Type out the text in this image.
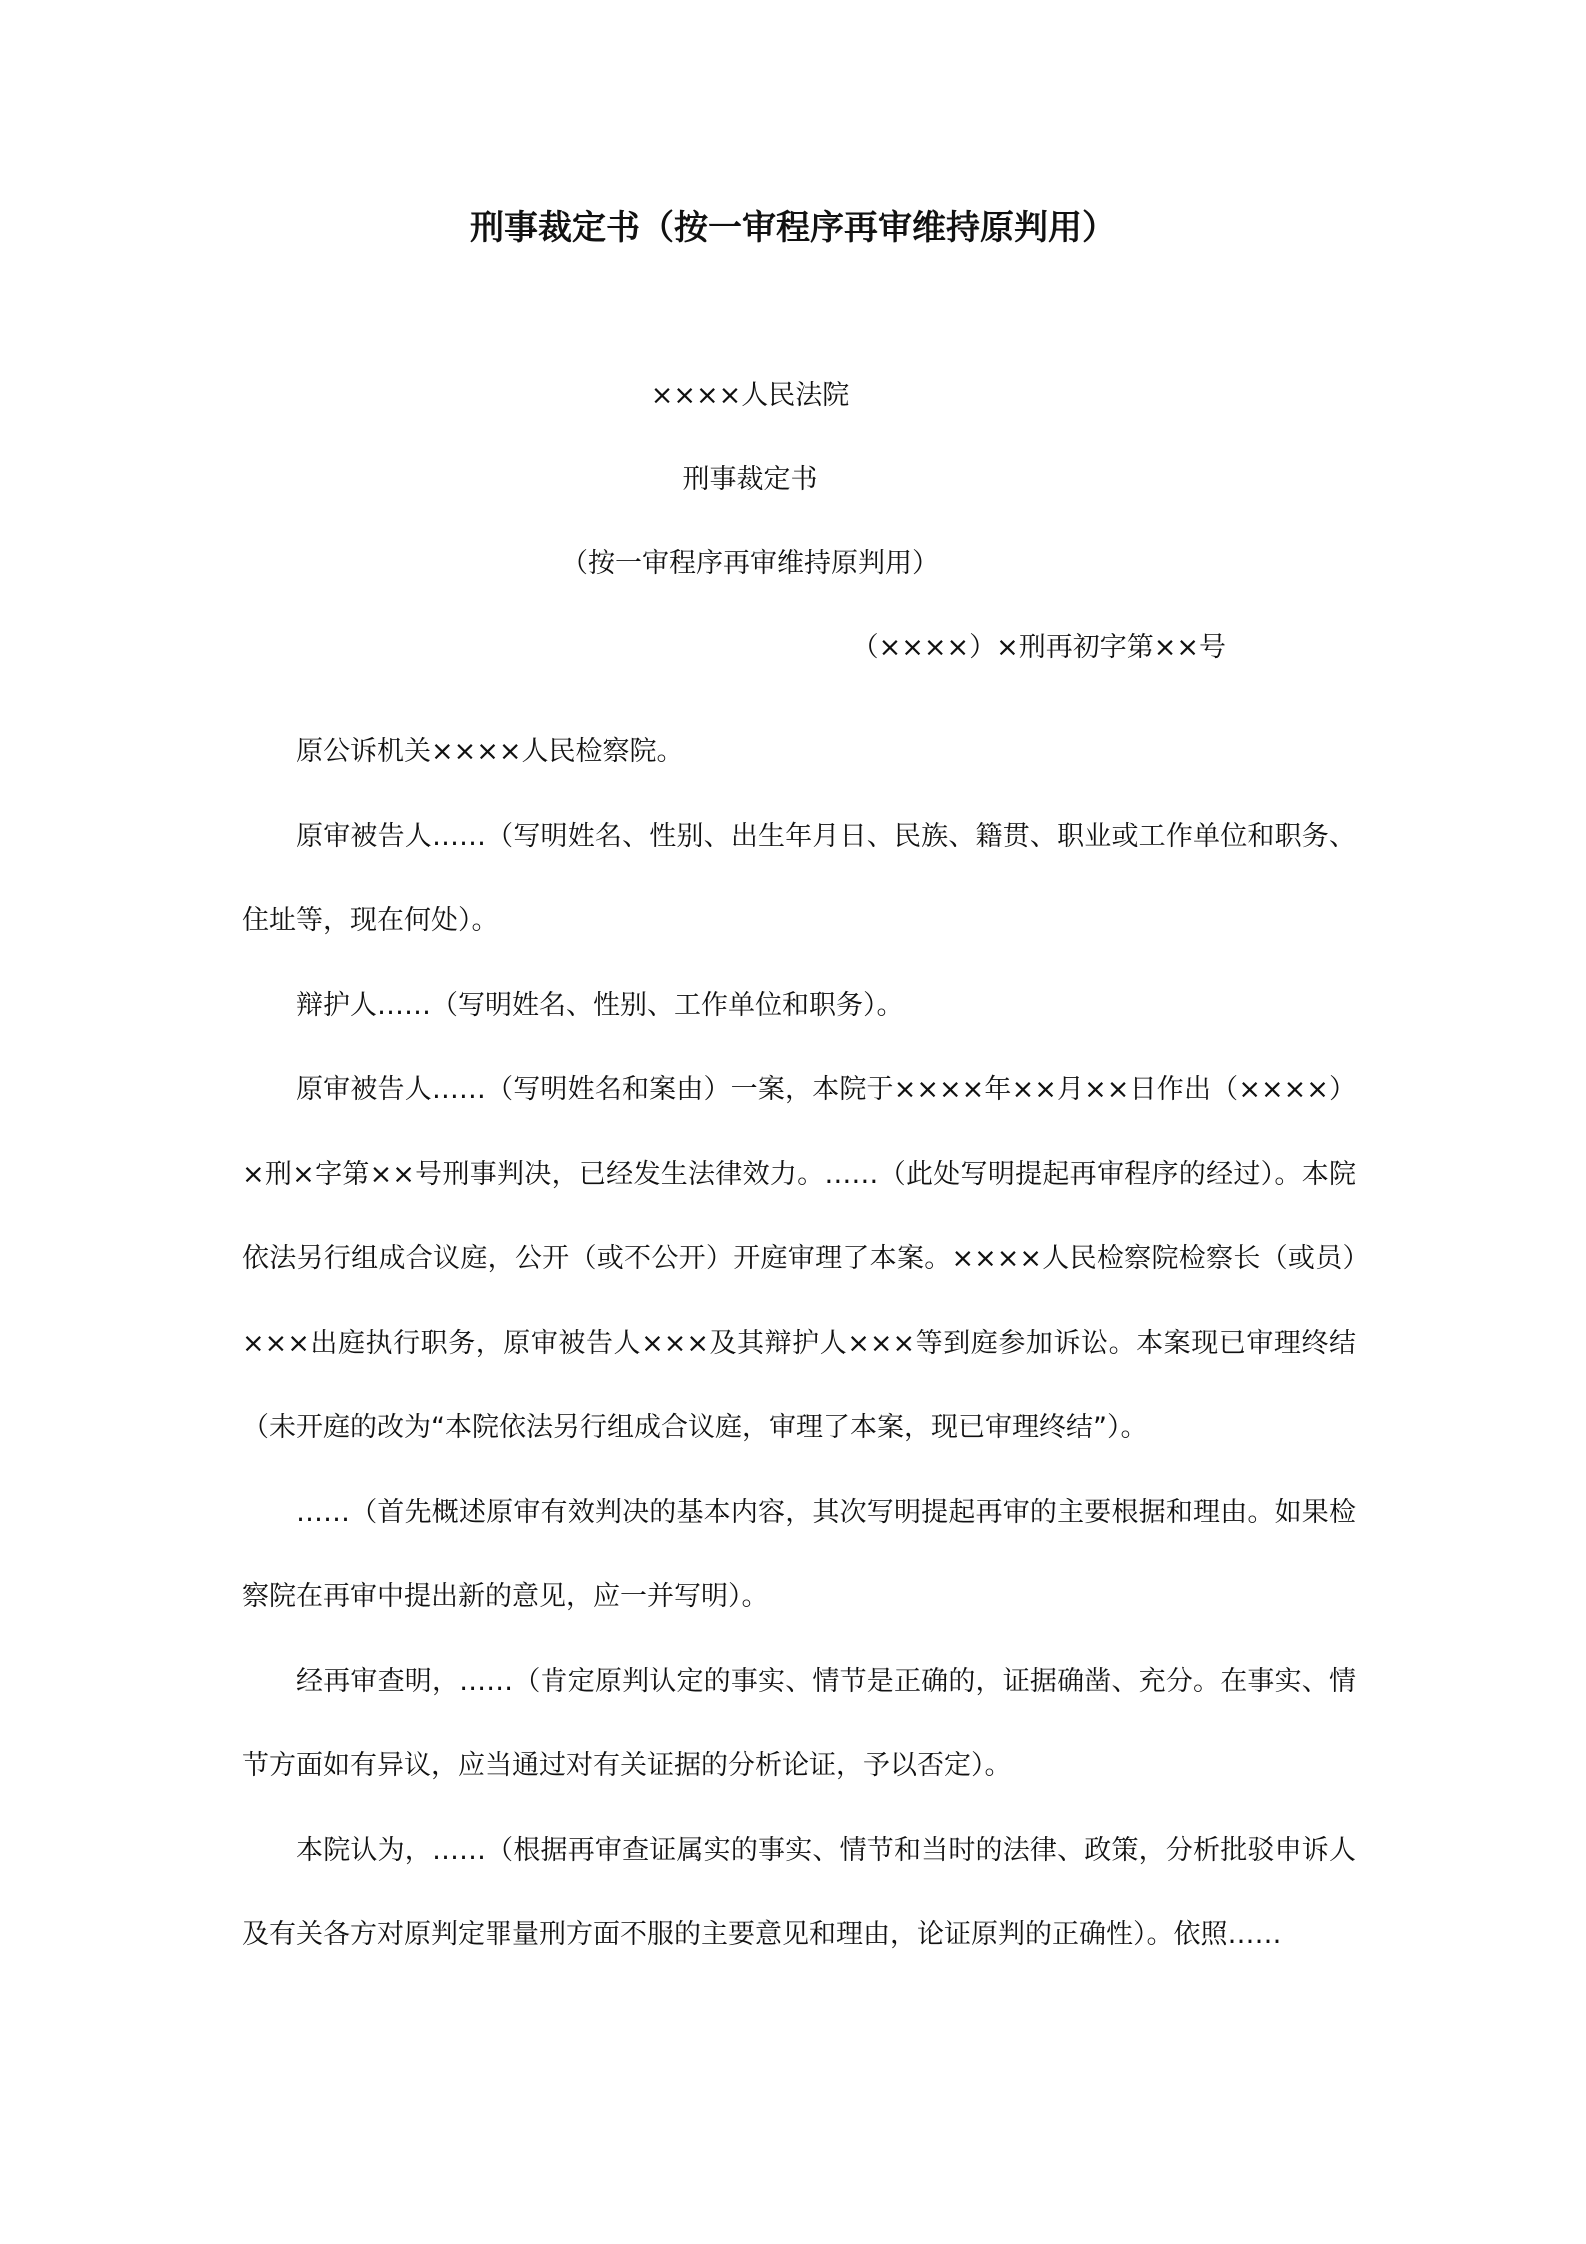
刑事裁定书（按一审程序再审维持原判用）
××××人民法院
刑事裁定书
（按一审程序再审维持原判用）
（××××）×刑再初字第××号

原公诉机关××××人民检察院。

原审被告人……（写明姓名、性别、出生年月日、民族、籍贯、职业或工作单位和职务、住址等，现在何处）。

辩护人……（写明姓名、性别、工作单位和职务）。

原审被告人……（写明姓名和案由）一案，本院于××××年××月××日作出（××××）×刑×字第××号刑事判决，已经发生法律效力。……（此处写明提起再审程序的经过）。本院依法另行组成合议庭，公开（或不公开）开庭审理了本案。××××人民检察院检察长（或员）×××出庭执行职务，原审被告人×××及其辩护人×××等到庭参加诉讼。本案现已审理终结（未开庭的改为“本院依法另行组成合议庭，审理了本案，现已审理终结”）。

……（首先概述原审有效判决的基本内容，其次写明提起再审的主要根据和理由。如果检察院在再审中提出新的意见，应一并写明）。

经再审查明，……（肯定原判认定的事实、情节是正确的，证据确凿、充分。在事实、情节方面如有异议，应当通过对有关证据的分析论证，予以否定）。

本院认为，……（根据再审查证属实的事实、情节和当时的法律、政策，分析批驳申诉人及有关各方对原判定罪量刑方面不服的主要意见和理由，论证原判的正确性）。依照……
